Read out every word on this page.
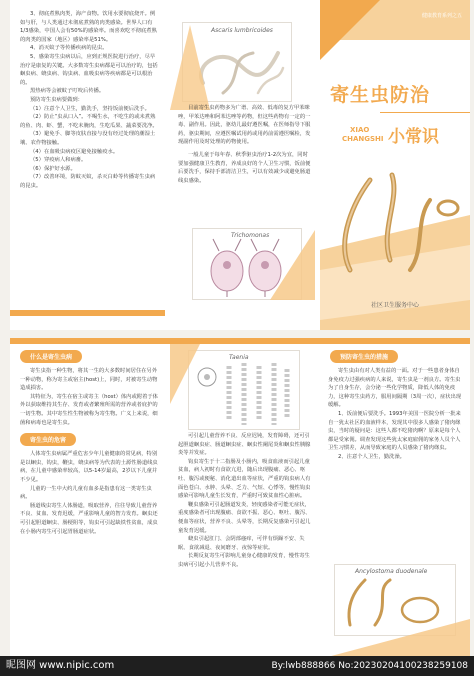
3、彻底煮熟肉类，海产食物。饮用水要彻底烧开。例如与肝，与人类通过未彻底煮熟的肉类感染。世界人口有1/3感染，中国人会有50%的感染率。而喜欢吃不彻底煮熟的肉类的国家（地区）感染率是51%。

4、消灭蚊子等传播疾病的昆虫。

5、感染寄生虫病以后，应到正规医院进行治疗，尽早治疗是康复的关键。大多数寄生虫病都是可以治疗的，包括蛔虫病、蛲虫病、钩虫病、血吸虫病等疾病都是可以根治的。

黑热病等会被蚊子叮咬后传播。

预防寄生虫病要做到：

（1）注意个人卫生，勤洗手，坚持饭前便后洗手。

（2）防止“虫从口入”。不喝生水，不吃生的或未煮熟的鱼、肉、虾、蟹，不吃未腌肉，生吃瓜果、蔬菜要洗净。

（3）避免手、脚等皮肤直接与没有经过处理的潮湿土壤、农作物接触。

（4）在血吸虫病疫区避免接触疫水。

（5）穿疫病人和病畜。

（6）保护好水源。

（7）改善环境，防蚊灭蚊，杀灭白蛉等传播寄生虫病的昆虫。

Ascaris lumbricoides

目前寄生虫药物多为广谱、高效、低毒的复方甲苯咪唑，甲苯达唑和阿苯达唑等药物，但这些药物有一定的一毒、副作用。因此，驱幼儿最好遵医嘱，在医师指导下服药，驱虫期间，应遵医嘱试用药或用药前需遵医嘱检，发现副作用及时处理的药物使用。

一般儿童于每年春、秋季驱虫治疗1-2次为宜，同时要加强健康卫生教育，养成良好的个人卫生习惯，饭前便后要洗手，保持手部清洁卫生，可以有效减少或避免肠道线虫感染。

Trichomonas
健康教育系列之五
寄生虫防治
XIAO
CHANGSHI 小常识
社区卫生服务中心
什么是寄生虫病

寄生虫指一种生物，将其一生的大多数时间居住在另外一种动物，称为寄主或宿主(host)上，同时，对被寄生动物造成损害。

其特征为，寄生在宿主或寄主（host）体内或附着于体外以获取维持其生存、发育或者繁殖所需的营养或者庇护的一切生物。其中寄生性生物被称为寄生物。广义上来说，细菌和病毒也是寄生虫。

寄生虫的危害

人体寄生虫病属严重危害少年儿童健康的常见病，特别是以蛔虫，钩虫，鞭虫，蛲虫病等为代表的土源性肠道线虫病，在儿童中感染率较高，以5-14岁最高，2岁以下儿童并不少见。

儿童的一生中大约儿童有血多是指患有这一类寄生虫病。

肠道线虫寄生人体肠道，吸取营养，往往导致儿童营养不良、贫血、发育迟缓，严重影响儿童的智力发育。蛔虫还可引起胆道蛔虫、肠梗阻等，钩虫可引起缺铁性贫血，成虫在小肠内寄生可引起胃肠道症状。

Taenia

可引起儿童营养不良、反应迟钝，发育障碍，还可引起胆道蛔虫症、肠道蛔虫症、蛔虫性阑尾炎和蛔虫性胰腺炎等并发症。

钩虫寄生于十二指肠及小肠内，吸食血液而引起儿童贫血，病人初时有食欲亢进，随后出现腹痛、恶心、呕吐、腹泻或便秘、消化道出血等症状，严重的钩虫病人有面色苍白、水肿、头晕、乏力、气短、心悸等，慢性钩虫感染可影响儿童生长发育，严重时可致贫血性心脏病。

鞭虫感染可引起肠道发炎，轻度感染者可能无症状，重度感染者可出现腹痛、食欲不振、恶心、呕吐、腹泻、便血等症状，营养不良、头晕等，长期反复感染可引起儿童发育迟缓。

蛲虫引起肛门、会阴部瘙痒，可伴有烦躁不安、失眠、食欲减退、夜间磨牙、夜惊等症状。

长期反复寄生可影响儿童身心健康的发育，慢性寄生虫病可引起小儿营养不良。

预防寄生虫的措施

寄生虫由有对人类有益的一面。对于一些患者身体自身免疫力过强疾病的人来说，寄生虫是一剂良方。寄生虫为了自身生存，会分泌一些化学物质，降低人体的免疫力，这种寄生虫药方，服用间隔期（3周一次），症状出现缓解。

1、饭前便后要洗手。1993年美国一医院分析一批来自一犹太社区的血液样本，发现其中很多人感染了猪肉绦虫，当时的疑问是：这些人都不吃猪肉啊？原来是每个人都是受家佣。调查发现这些犹太家庭雇佣的家务人员个人卫生习惯差，从而导致家庭的人员感染了猪肉绦虫。

2、注意个人卫生，勤洗澡。

Ancylostoma duodenale
昵图网 www.nipic.com	By:lwb888866 No:20230204100238259108
